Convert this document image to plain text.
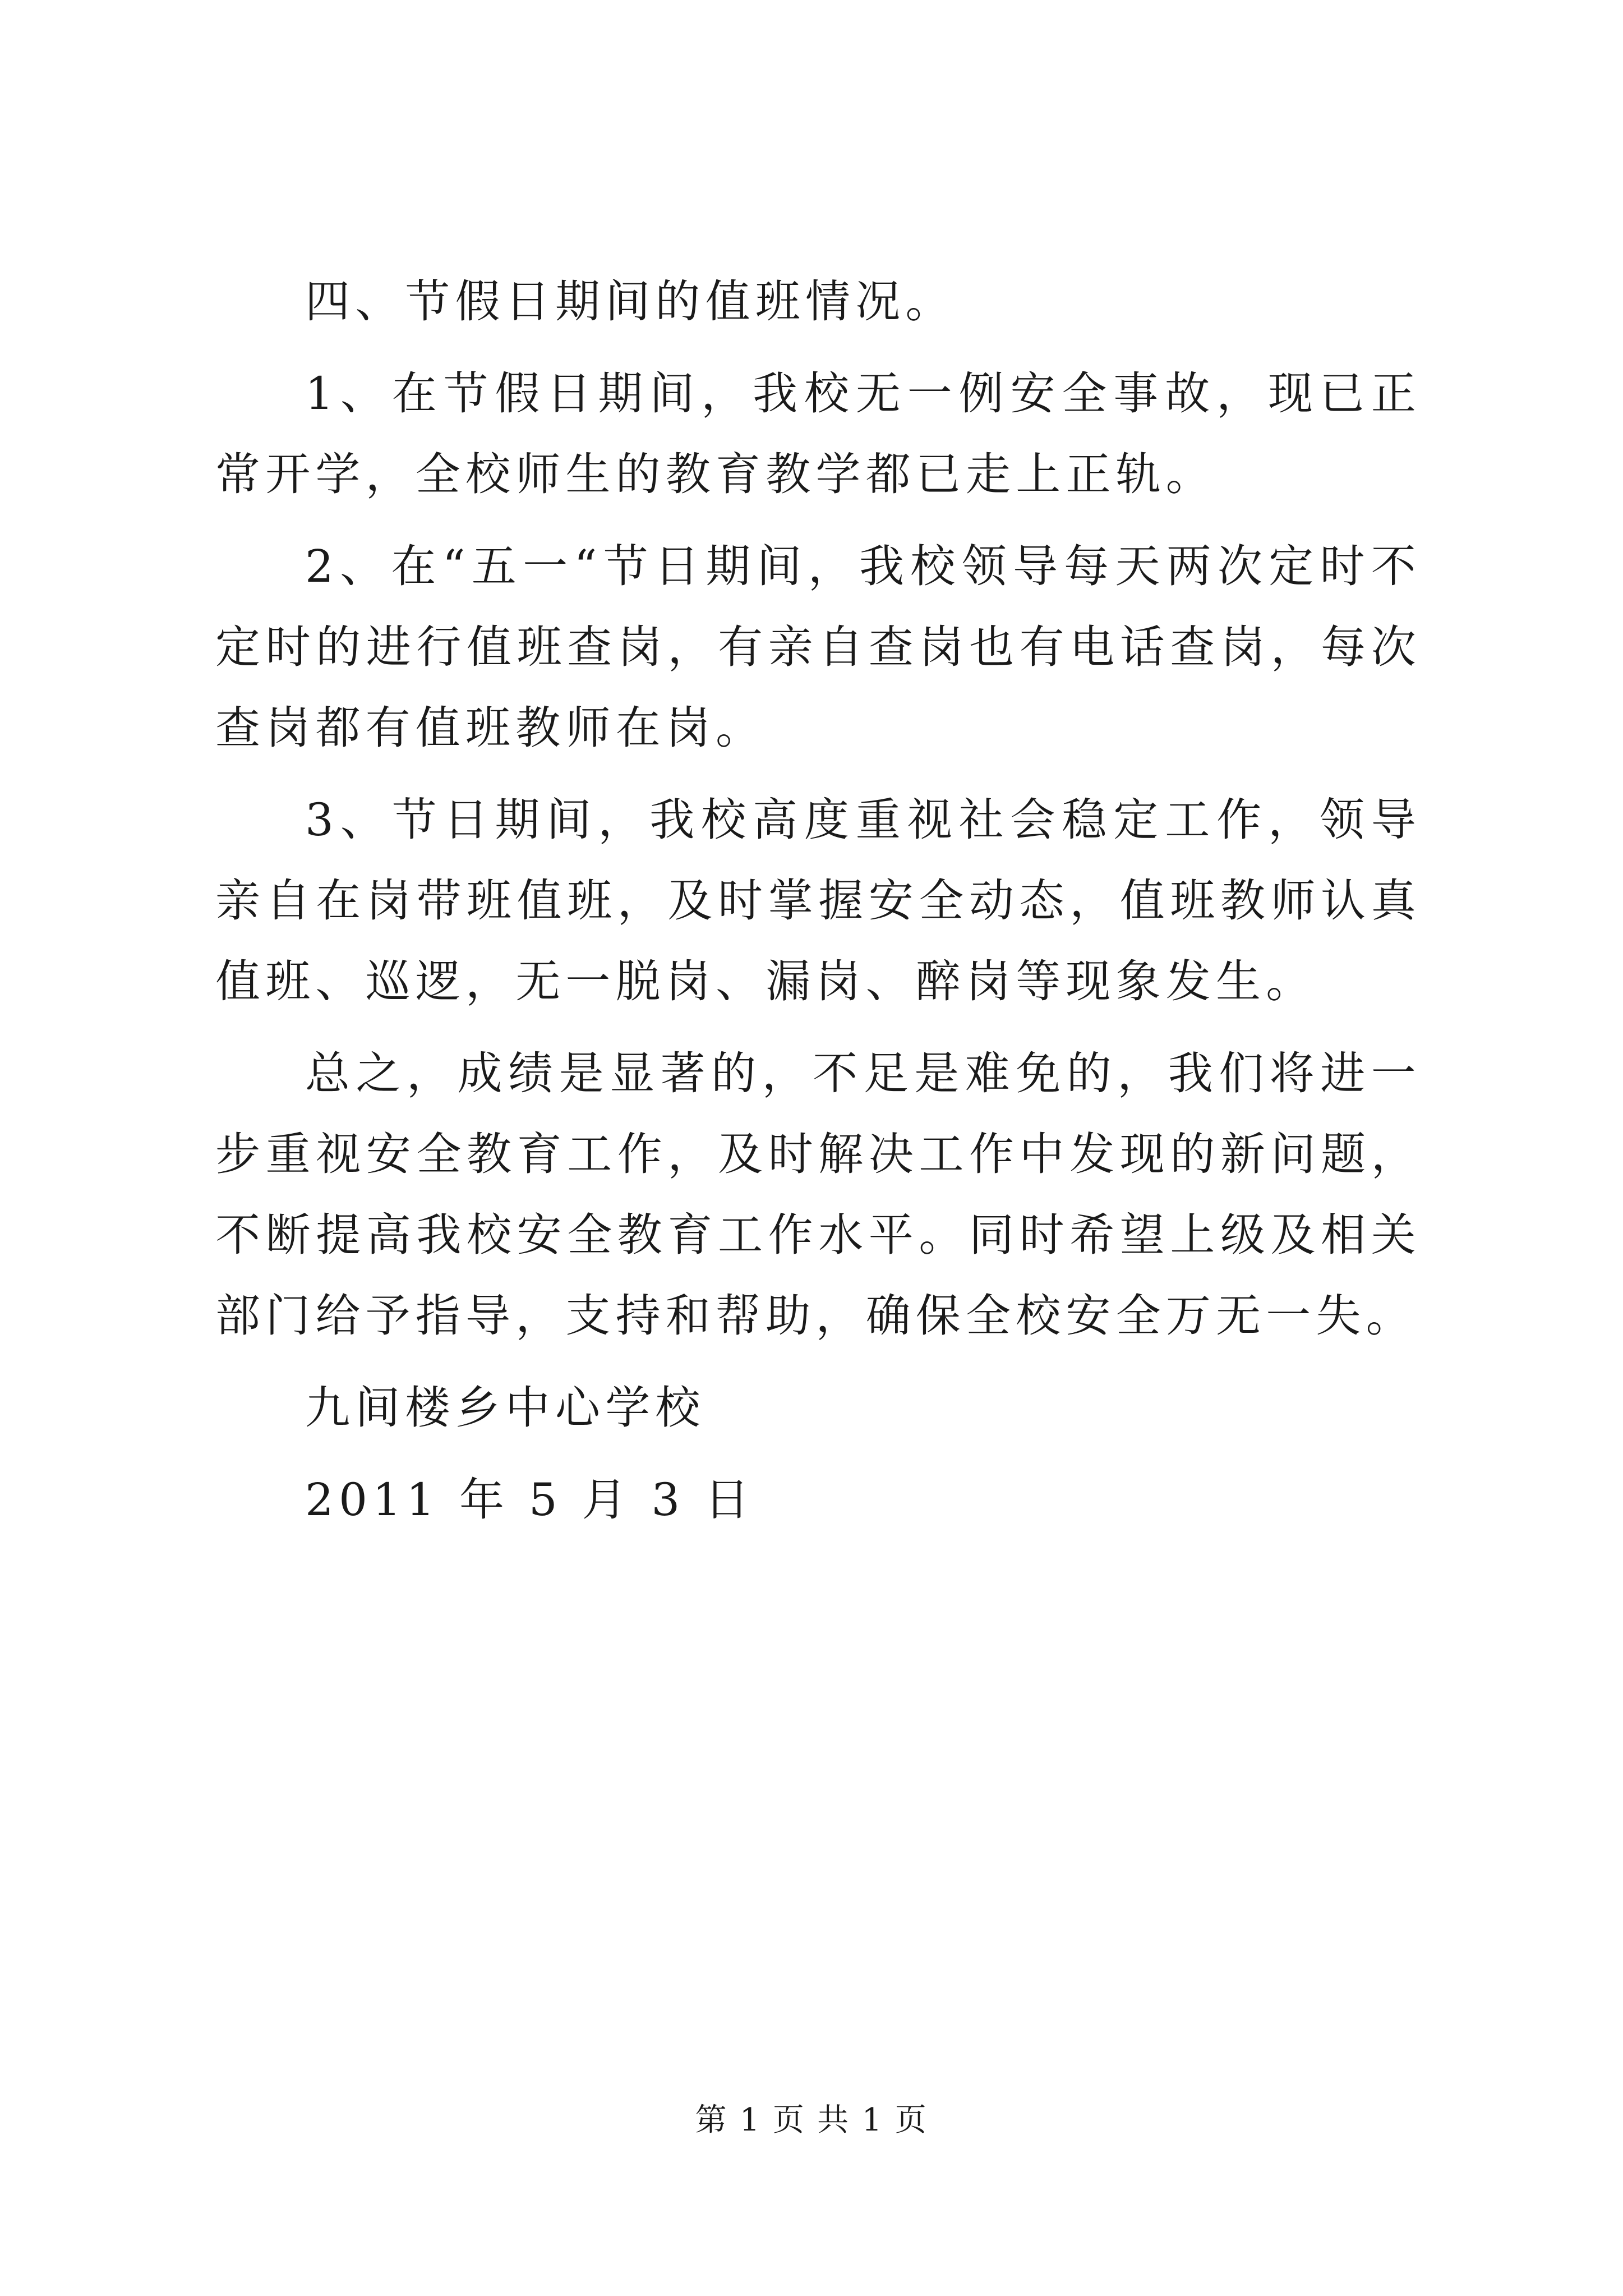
四、节假日期间的值班情况。

1、在节假日期间，我校无一例安全事故，现已正常开学，全校师生的教育教学都已走上正轨。

2、在“五一“节日期间，我校领导每天两次定时不定时的进行值班查岗，有亲自查岗也有电话查岗，每次查岗都有值班教师在岗。

3、节日期间，我校高度重视社会稳定工作，领导亲自在岗带班值班，及时掌握安全动态，值班教师认真值班、巡逻，无一脱岗、漏岗、醉岗等现象发生。

总之，成绩是显著的，不足是难免的，我们将进一步重视安全教育工作，及时解决工作中发现的新问题，不断提高我校安全教育工作水平。同时希望上级及相关部门给予指导，支持和帮助，确保全校安全万无一失。

九间楼乡中心学校

2011 年 5 月 3 日

第 1 页 共 1 页
